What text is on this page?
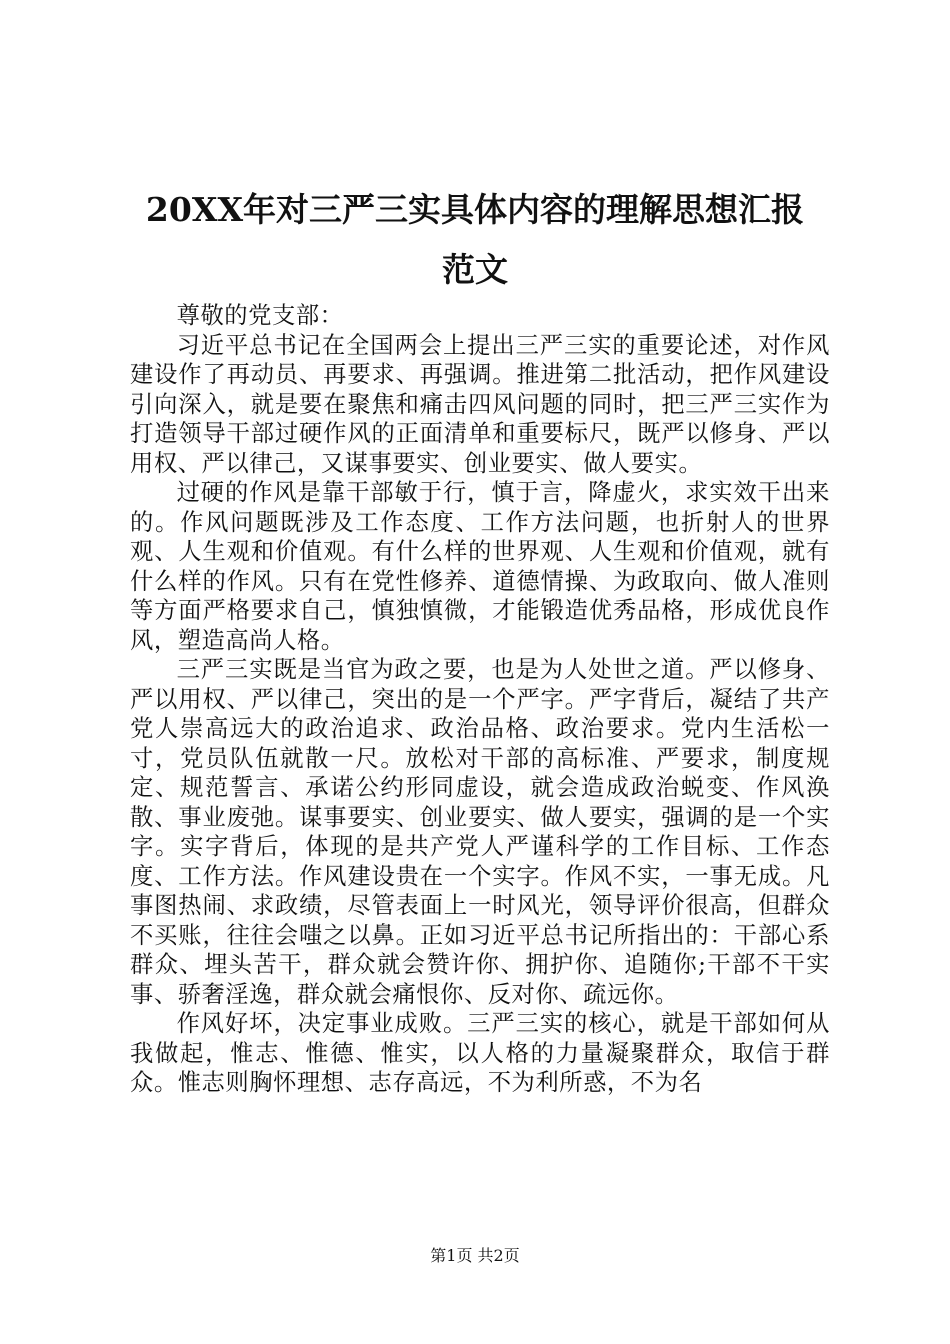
20XX年对三严三实具体内容的理解思想汇报
范文

尊敬的党支部：

习近平总书记在全国两会上提出三严三实的重要论述，对作风建设作了再动员、再要求、再强调。推进第二批活动，把作风建设引向深入，就是要在聚焦和痛击四风问题的同时，把三严三实作为打造领导干部过硬作风的正面清单和重要标尺，既严以修身、严以用权、严以律己，又谋事要实、创业要实、做人要实。

过硬的作风是靠干部敏于行，慎于言，降虚火，求实效干出来的。作风问题既涉及工作态度、工作方法问题，也折射人的世界观、人生观和价值观。有什么样的世界观、人生观和价值观，就有什么样的作风。只有在党性修养、道德情操、为政取向、做人准则等方面严格要求自己，慎独慎微，才能锻造优秀品格，形成优良作风，塑造高尚人格。

三严三实既是当官为政之要，也是为人处世之道。严以修身、严以用权、严以律己，突出的是一个严字。严字背后，凝结了共产党人崇高远大的政治追求、政治品格、政治要求。党内生活松一寸，党员队伍就散一尺。放松对干部的高标准、严要求，制度规定、规范誓言、承诺公约形同虚设，就会造成政治蜕变、作风涣散、事业废弛。谋事要实、创业要实、做人要实，强调的是一个实字。实字背后，体现的是共产党人严谨科学的工作目标、工作态度、工作方法。作风建设贵在一个实字。作风不实，一事无成。凡事图热闹、求政绩，尽管表面上一时风光，领导评价很高，但群众不买账，往往会嗤之以鼻。正如习近平总书记所指出的：干部心系群众、埋头苦干，群众就会赞许你、拥护你、追随你;干部不干实事、骄奢淫逸，群众就会痛恨你、反对你、疏远你。

作风好坏，决定事业成败。三严三实的核心，就是干部如何从我做起，惟志、惟德、惟实，以人格的力量凝聚群众，取信于群众。惟志则胸怀理想、志存高远，不为利所惑，不为名

第1页 共2页
